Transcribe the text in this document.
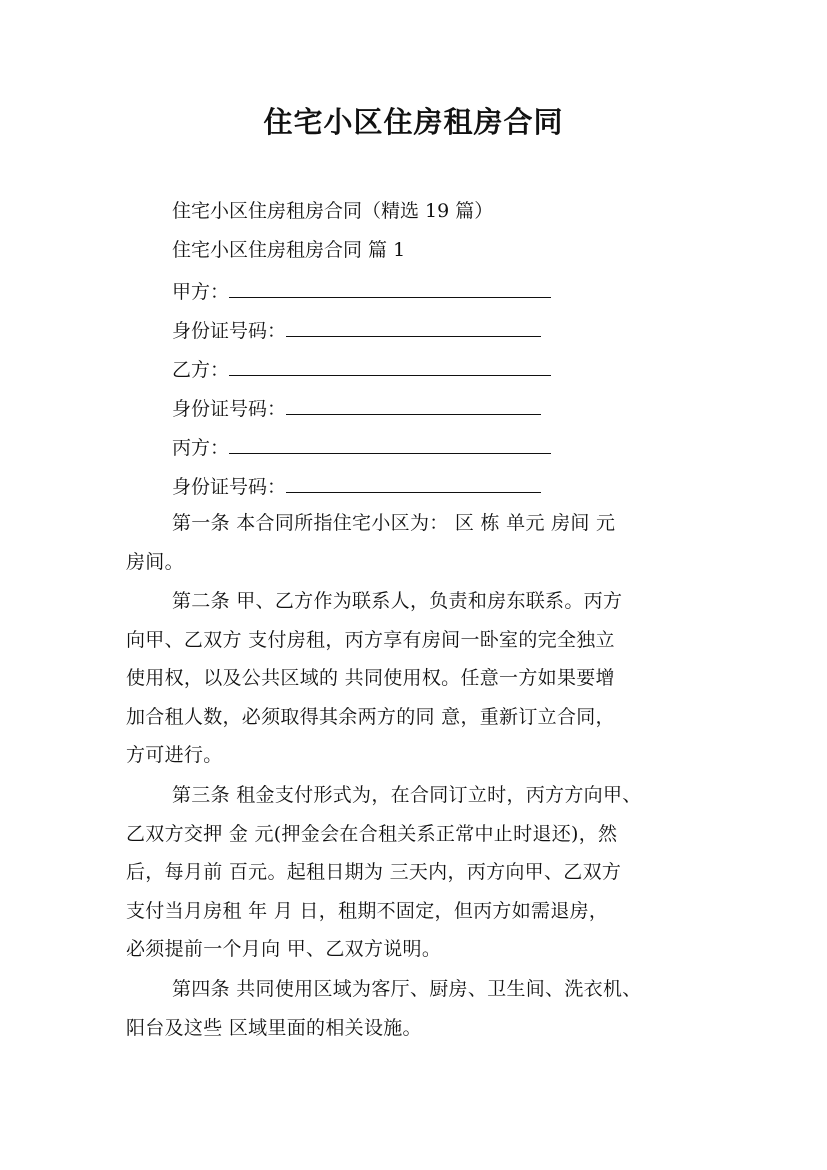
住宅小区住房租房合同
住宅小区住房租房合同（精选 19 篇）
住宅小区住房租房合同 篇 1
甲方：
身份证号码：
乙方：
身份证号码：
丙方：
身份证号码：
第一条 本合同所指住宅小区为： 区 栋 单元 房间 元
房间。
第二条 甲、乙方作为联系人，负责和房东联系。丙方
向甲、乙双方 支付房租，丙方享有房间一卧室的完全独立
使用权，以及公共区域的 共同使用权。任意一方如果要增
加合租人数，必须取得其余两方的同 意，重新订立合同，
方可进行。
第三条 租金支付形式为，在合同订立时，丙方方向甲、
乙双方交押 金 元(押金会在合租关系正常中止时退还)，然
后，每月前 百元。起租日期为 三天内，丙方向甲、乙双方
支付当月房租 年 月 日，租期不固定，但丙方如需退房，
必须提前一个月向 甲、乙双方说明。
第四条 共同使用区域为客厅、厨房、卫生间、洗衣机、
阳台及这些 区域里面的相关设施。
